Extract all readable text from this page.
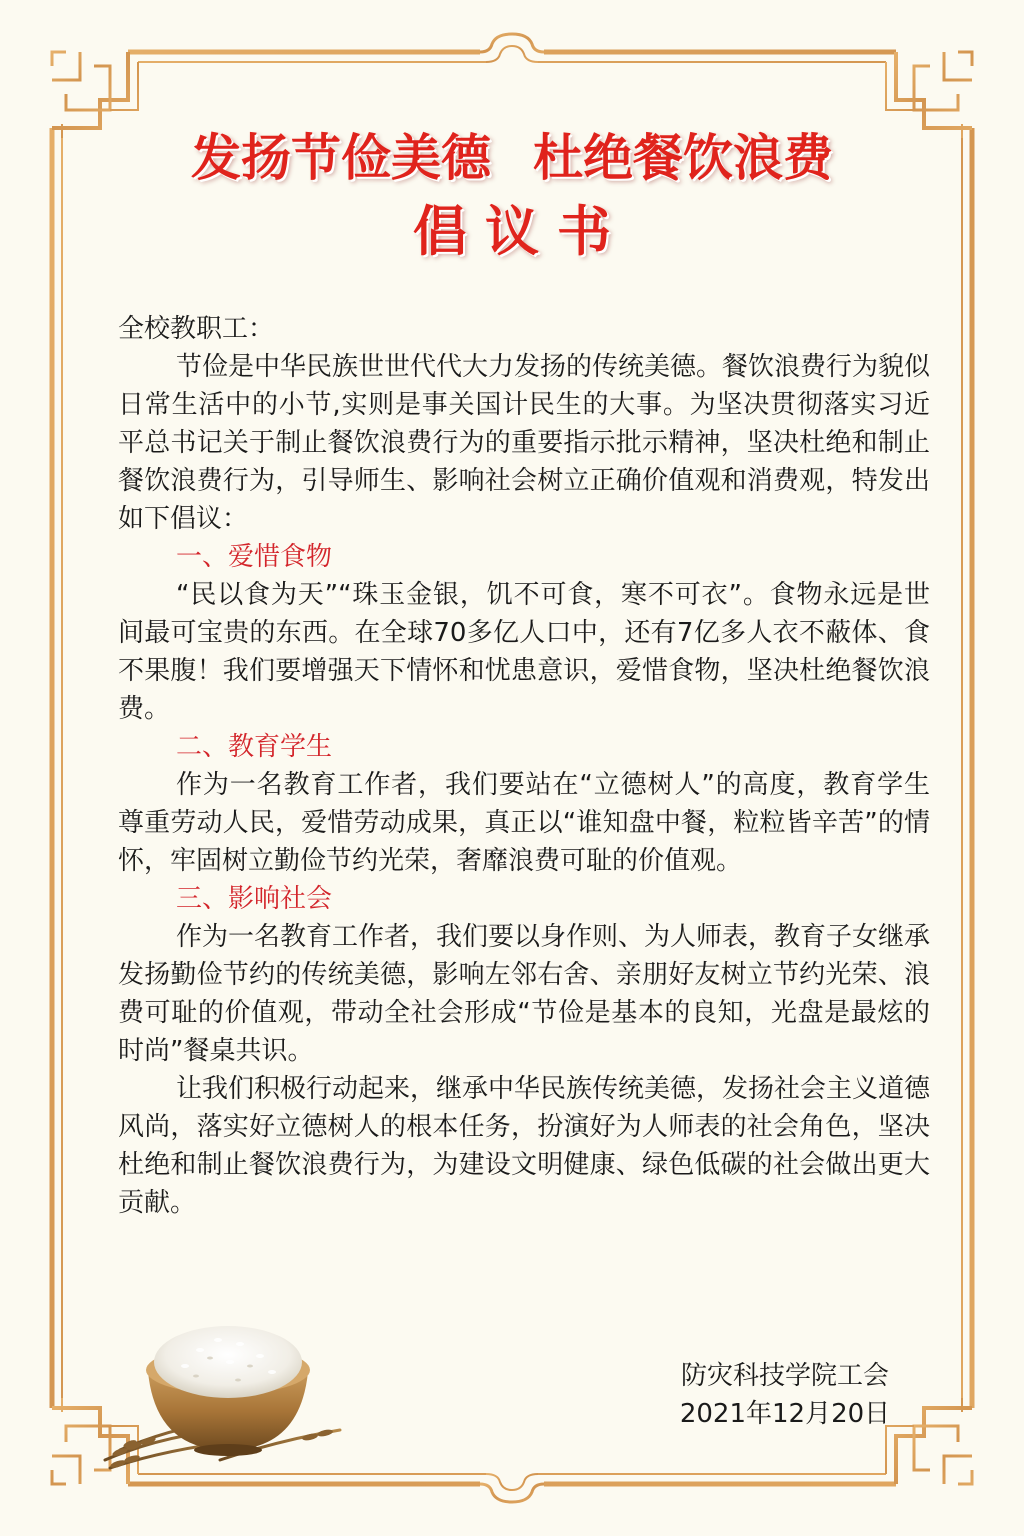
发扬节俭美德 杜绝餐饮浪费
倡议书

全校教职工：

节俭是中华民族世世代代大力发扬的传统美德。餐饮浪费行为貌似日常生活中的小节,实则是事关国计民生的大事。为坚决贯彻落实习近平总书记关于制止餐饮浪费行为的重要指示批示精神，坚决杜绝和制止餐饮浪费行为，引导师生、影响社会树立正确价值观和消费观，特发出如下倡议：

一、爱惜食物

“民以食为天”“珠玉金银，饥不可食，寒不可衣”。食物永远是世间最可宝贵的东西。在全球70多亿人口中，还有7亿多人衣不蔽体、食不果腹！我们要增强天下情怀和忧患意识，爱惜食物，坚决杜绝餐饮浪费。

二、教育学生

作为一名教育工作者，我们要站在“立德树人”的高度，教育学生尊重劳动人民，爱惜劳动成果，真正以“谁知盘中餐，粒粒皆辛苦”的情怀，牢固树立勤俭节约光荣，奢靡浪费可耻的价值观。

三、影响社会

作为一名教育工作者，我们要以身作则、为人师表，教育子女继承发扬勤俭节约的传统美德，影响左邻右舍、亲朋好友树立节约光荣、浪费可耻的价值观，带动全社会形成“节俭是基本的良知，光盘是最炫的时尚”餐桌共识。

让我们积极行动起来，继承中华民族传统美德，发扬社会主义道德风尚，落实好立德树人的根本任务，扮演好为人师表的社会角色，坚决杜绝和制止餐饮浪费行为，为建设文明健康、绿色低碳的社会做出更大贡献。

防灾科技学院工会
2021年12月20日
